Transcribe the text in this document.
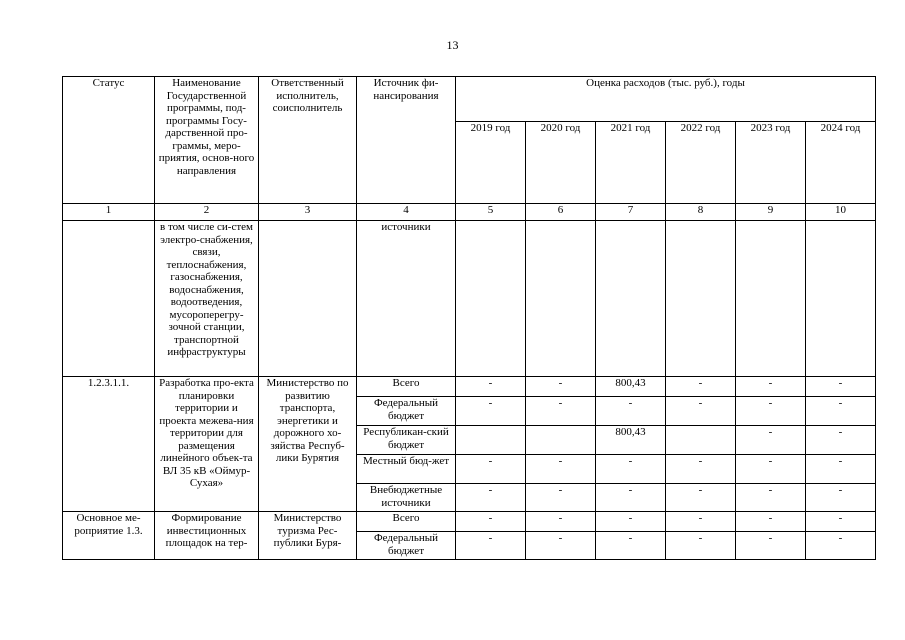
13
Статус	Наименование Государственной программы, под-программы Госу-дарственной про-граммы, меро-приятия, основ-ного направления	Ответственный исполнитель, соисполнитель	Источник фи-нансирования	Оценка расходов (тыс. руб.), годы					
				2019 год	2020 год	2021 год	2022 год	2023 год	2024 год
1	2	3	4	5	6	7	8	9	10
	в том числе си-стем электро-снабжения, связи, теплоснабжения, газоснабжения, водоснабжения, водоотведения, мусороперегру-зочной станции, транспортной инфраструктуры		источники						
1.2.3.1.1.	Разработка про-екта планировки территории и проекта межева-ния территории для размещения линейного объек-та ВЛ 35 кВ «Оймур-Сухая»	Министерство по развитию транспорта, энергетики и дорожного хо-зяйства Респуб-лики Бурятия	Всего	-	-	800,43	-	-	-
			Федеральный бюджет	-	-	-	-	-	-
			Республикан-ский бюджет			800,43		-	-
			Местный бюд-жет	-	-	-	-	-	-
			Внебюджетные источники	-	-	-	-	-	-
Основное ме-роприятие 1.3.	Формирование инвестиционных площадок на тер-	Министерство туризма Рес-публики Буря-	Всего	-	-	-	-	-	-
			Федеральный бюджет	-	-	-	-	-	-
